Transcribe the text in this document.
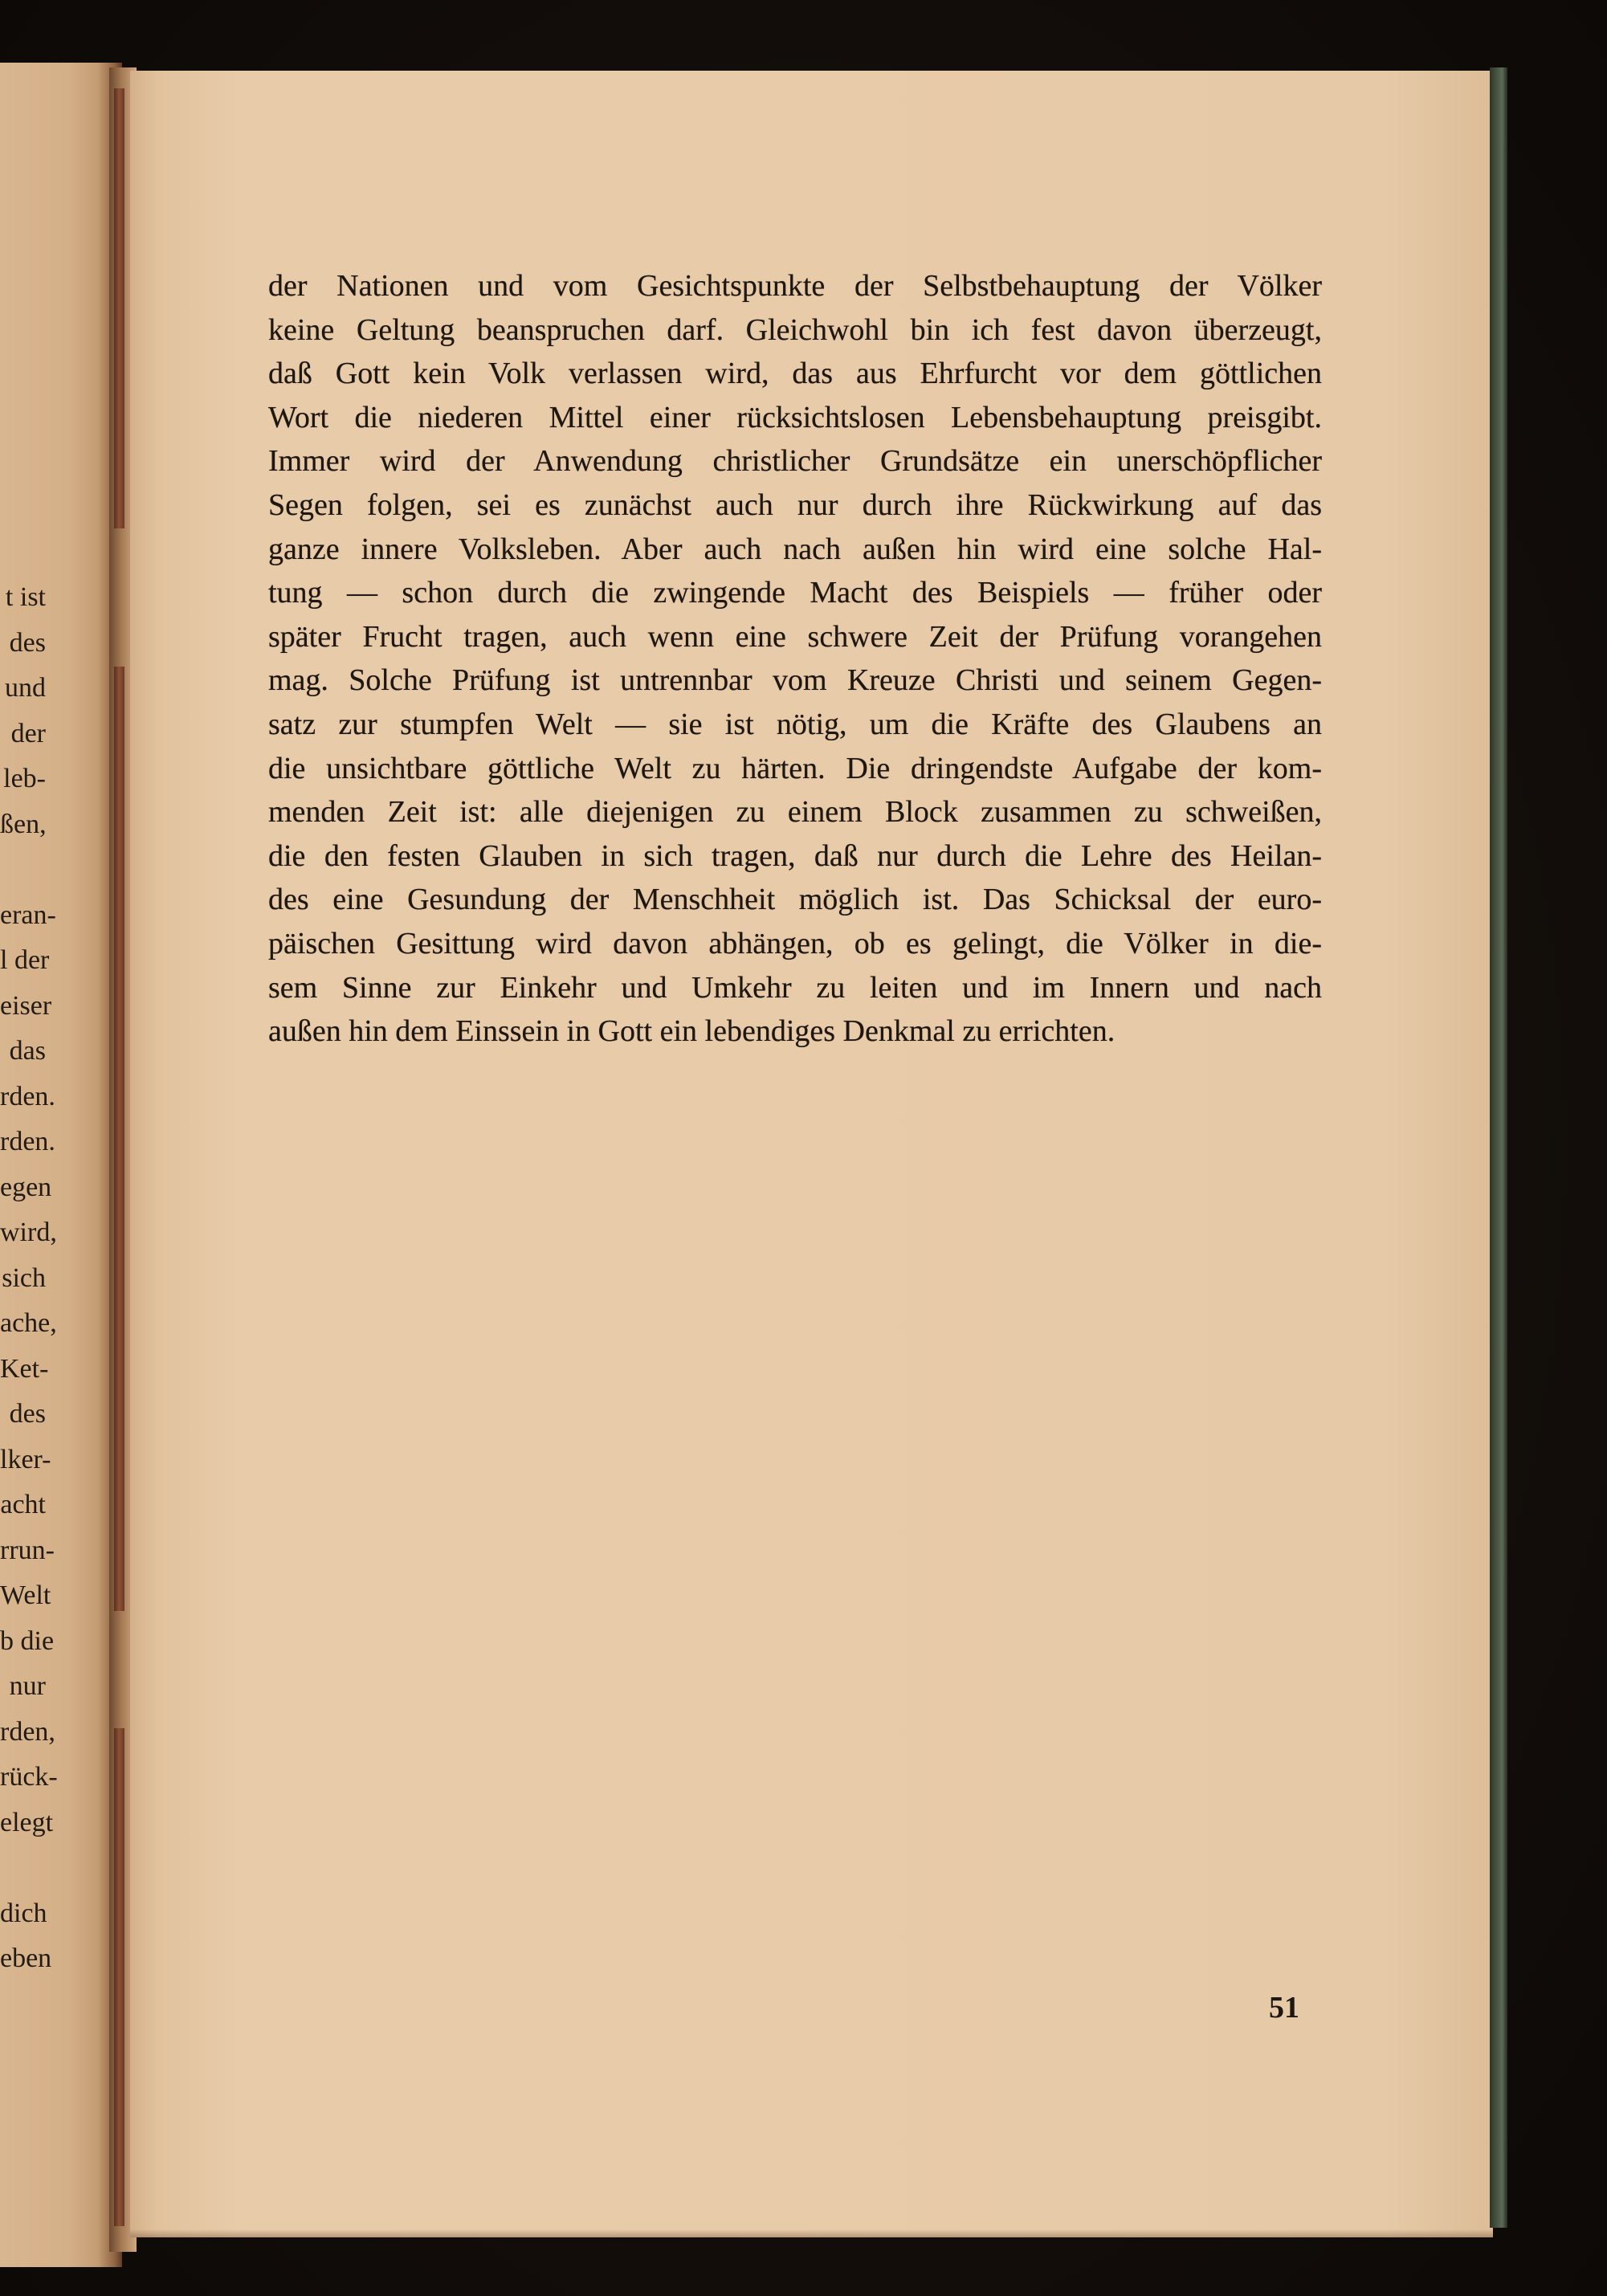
t ist
des
und
der
leb-
ßen,
eran-
l der
eiser
das
rden.
rden.
egen
wird,
sich
ache,
Ket-
des
lker-
acht
rrun-
Welt
b die
nur
rden,
rück-
elegt
dich
eben
der Nationen und vom Gesichtspunkte der Selbstbehauptung der Völker
keine Geltung beanspruchen darf. Gleichwohl bin ich fest davon überzeugt,
daß Gott kein Volk verlassen wird, das aus Ehrfurcht vor dem göttlichen
Wort die niederen Mittel einer rücksichtslosen Lebensbehauptung preisgibt.
Immer wird der Anwendung christlicher Grundsätze ein unerschöpflicher
Segen folgen, sei es zunächst auch nur durch ihre Rückwirkung auf das
ganze innere Volksleben. Aber auch nach außen hin wird eine solche Hal-
tung — schon durch die zwingende Macht des Beispiels — früher oder
später Frucht tragen, auch wenn eine schwere Zeit der Prüfung vorangehen
mag. Solche Prüfung ist untrennbar vom Kreuze Christi und seinem Gegen-
satz zur stumpfen Welt — sie ist nötig, um die Kräfte des Glaubens an
die unsichtbare göttliche Welt zu härten. Die dringendste Aufgabe der kom-
menden Zeit ist: alle diejenigen zu einem Block zusammen zu schweißen,
die den festen Glauben in sich tragen, daß nur durch die Lehre des Heilan-
des eine Gesundung der Menschheit möglich ist. Das Schicksal der euro-
päischen Gesittung wird davon abhängen, ob es gelingt, die Völker in die-
sem Sinne zur Einkehr und Umkehr zu leiten und im Innern und nach
außen hin dem Einssein in Gott ein lebendiges Denkmal zu errichten.
51
